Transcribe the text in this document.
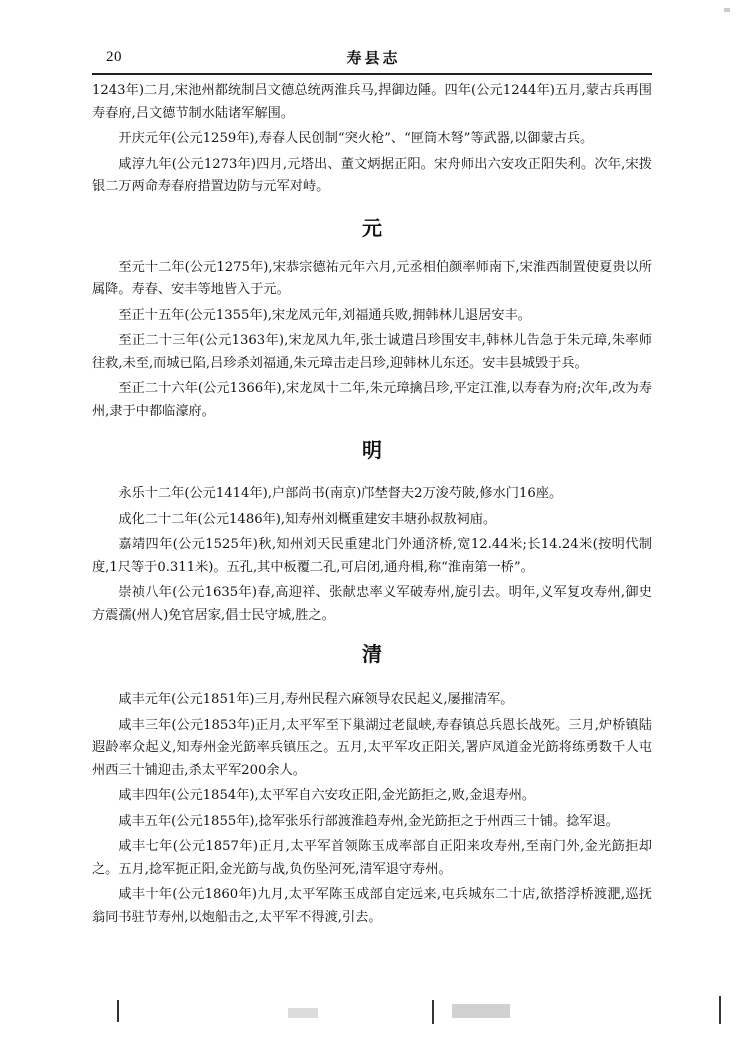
20	寿县志

1243年)二月,宋池州都统制吕文德总统两淮兵马,捍御边陲。四年(公元1244年)五月,蒙古兵再围寿春府,吕文德节制水陆诸军解围。

开庆元年(公元1259年),寿春人民创制“突火枪”、“匣筒木弩”等武器,以御蒙古兵。

咸淳九年(公元1273年)四月,元塔出、董文炳据正阳。宋舟师出六安攻正阳失利。次年,宋拨银二万两命寿春府措置边防与元军对峙。

元

至元十二年(公元1275年),宋恭宗德祐元年六月,元丞相伯颜率师南下,宋淮西制置使夏贵以所属降。寿春、安丰等地皆入于元。

至正十五年(公元1355年),宋龙凤元年,刘福通兵败,拥韩林儿退居安丰。

至正二十三年(公元1363年),宋龙凤九年,张士诚遣吕珍围安丰,韩林儿告急于朱元璋,朱率师往救,未至,而城已陷,吕珍杀刘福通,朱元璋击走吕珍,迎韩林儿东还。安丰县城毁于兵。

至正二十六年(公元1366年),宋龙凤十二年,朱元璋擒吕珍,平定江淮,以寿春为府;次年,改为寿州,隶于中都临濠府。

明

永乐十二年(公元1414年),户部尚书(南京)邝埜督夫2万浚芍陂,修水门16座。

成化二十二年(公元1486年),知寿州刘概重建安丰塘孙叔敖祠庙。

嘉靖四年(公元1525年)秋,知州刘天民重建北门外通济桥,宽12.44米;长14.24米(按明代制度,1尺等于0.311米)。五孔,其中板覆二孔,可启闭,通舟楫,称“淮南第一桥”。

崇祯八年(公元1635年)春,高迎祥、张献忠率义军破寿州,旋引去。明年,义军复攻寿州,御史方震孺(州人)免官居家,倡士民守城,胜之。

清

咸丰元年(公元1851年)三月,寿州民程六麻领导农民起义,屡摧清军。

咸丰三年(公元1853年)正月,太平军至下巢湖过老鼠峡,寿春镇总兵恩长战死。三月,炉桥镇陆遐龄率众起义,知寿州金光筯率兵镇压之。五月,太平军攻正阳关,署庐凤道金光筯将练勇数千人屯州西三十铺迎击,杀太平军200余人。

咸丰四年(公元1854年),太平军自六安攻正阳,金光筯拒之,败,金退寿州。

咸丰五年(公元1855年),捻军张乐行部渡淮趋寿州,金光筯拒之于州西三十铺。捻军退。

咸丰七年(公元1857年)正月,太平军首领陈玉成率部自正阳来攻寿州,至南门外,金光筯拒却之。五月,捻军扼正阳,金光筯与战,负伤坠河死,清军退守寿州。

咸丰十年(公元1860年)九月,太平军陈玉成部自定远来,屯兵城东二十店,欲搭浮桥渡淝,巡抚翁同书驻节寿州,以炮船击之,太平军不得渡,引去。
